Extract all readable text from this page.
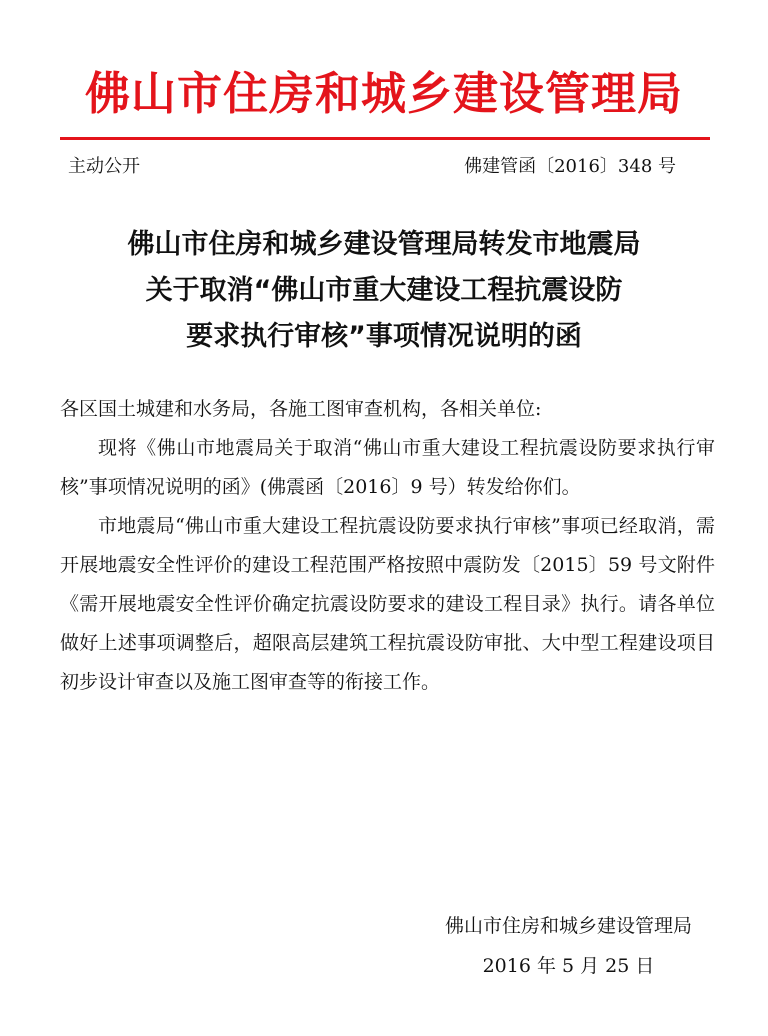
佛山市住房和城乡建设管理局
主动公开	佛建管函〔2016〕348 号
佛山市住房和城乡建设管理局转发市地震局
关于取消“佛山市重大建设工程抗震设防
要求执行审核”事项情况说明的函

各区国土城建和水务局，各施工图审查机构，各相关单位:

现将《佛山市地震局关于取消“佛山市重大建设工程抗震设防要求执行审核”事项情况说明的函》(佛震函〔2016〕9 号）转发给你们。

市地震局“佛山市重大建设工程抗震设防要求执行审核”事项已经取消，需开展地震安全性评价的建设工程范围严格按照中震防发〔2015〕59 号文附件《需开展地震安全性评价确定抗震设防要求的建设工程目录》执行。请各单位做好上述事项调整后，超限高层建筑工程抗震设防审批、大中型工程建设项目初步设计审查以及施工图审查等的衔接工作。

佛山市住房和城乡建设管理局
2016 年 5 月 25 日
